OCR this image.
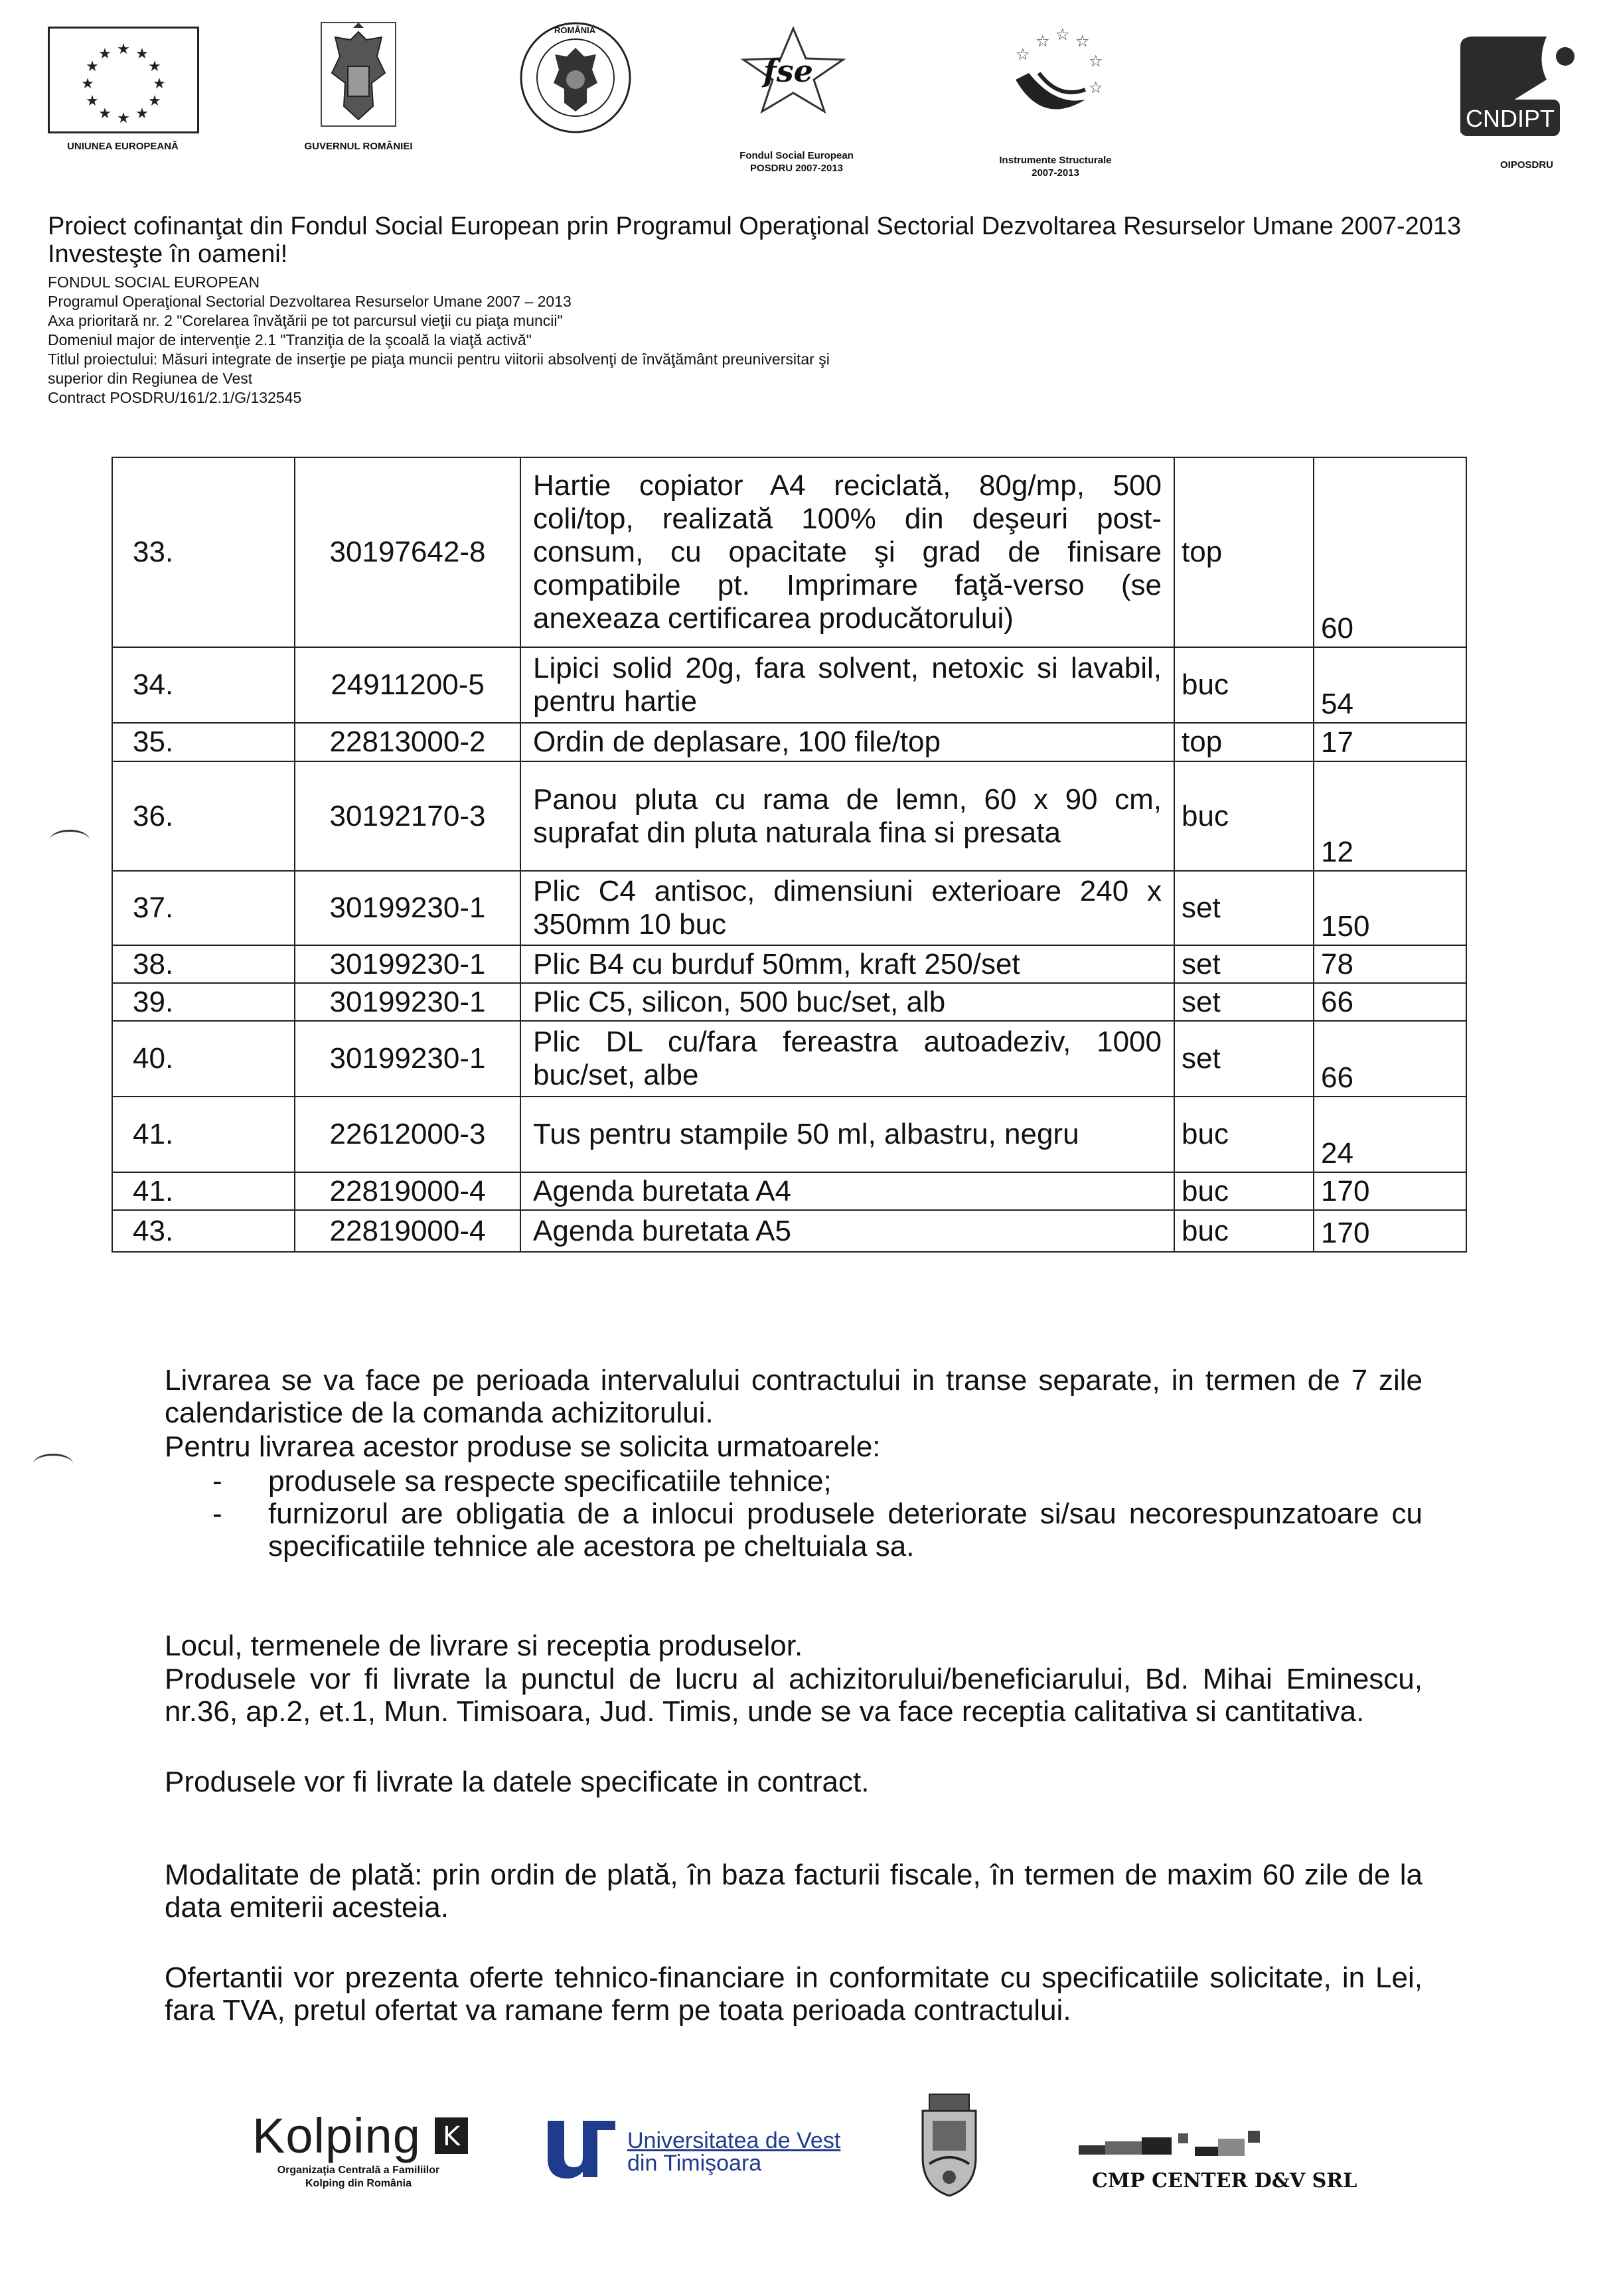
★ ★
★
★
★
★
★
★
★
★
★
★
UNIUNEA EUROPEANĂ	GUVERNUL ROMÂNIEI
ROMÂNIA
fse
Fondul Social European
POSDRU 2007-2013
☆ ☆ ☆
☆
☆
☆
Instrumente Structurale
2007-2013
CNDIPT
OIPOSDRU
Proiect cofinanţat din Fondul Social European prin Programul Operaţional Sectorial Dezvoltarea Resurselor Umane 2007-2013
Investeşte în oameni!
FONDUL SOCIAL EUROPEAN
Programul Operaţional Sectorial Dezvoltarea Resurselor Umane 2007 – 2013
Axa prioritară nr. 2 "Corelarea învăţării pe tot parcursul vieţii cu piaţa muncii"
Domeniul major de intervenţie 2.1 "Tranziţia de la şcoală la viaţă activă"
Titlul proiectului: Măsuri integrate de inserţie pe piaţa muncii pentru viitorii absolvenţi de învăţământ preuniversitar şi
superior din Regiunea de Vest
Contract POSDRU/161/2.1/G/132545
33.	30197642-8	Hartie copiator A4 reciclată, 80g/mp, 500 coli/top, realizată 100% din deşeuri post-consum, cu opacitate şi grad de finisare compatibile pt. Imprimare faţă-verso (se anexeaza certificarea producătorului)	top	60
34.	24911200-5	Lipici solid 20g, fara solvent, netoxic si lavabil, pentru hartie	buc	54
35.	22813000-2	Ordin de deplasare, 100 file/top	top	17
36.	30192170-3	Panou pluta cu rama de lemn, 60 x 90 cm, suprafat din pluta naturala fina si presata	buc	12
37.	30199230-1	Plic C4 antisoc, dimensiuni exterioare 240 x 350mm 10 buc	set	150
38.	30199230-1	Plic B4 cu burduf 50mm, kraft 250/set	set	78
39.	30199230-1	Plic C5, silicon, 500 buc/set, alb	set	66
40.	30199230-1	Plic DL cu/fara fereastra autoadeziv, 1000 buc/set, albe	set	66
41.	22612000-3	Tus pentru stampile 50 ml, albastru, negru	buc	24
41.	22819000-4	Agenda buretata A4	buc	170
43.	22819000-4	Agenda buretata A5	buc	170
Livrarea se va face pe perioada intervalului contractului in transe separate, in termen de 7 zile calendaristice de la comanda achizitorului.
Pentru livrarea acestor produse se solicita urmatoarele:
- produsele sa respecte specificatiile tehnice;
- furnizorul are obligatia de a inlocui produsele deteriorate si/sau necorespunzatoare cu specificatiile tehnice ale acestora pe cheltuiala sa.
Locul, termenele de livrare si receptia produselor.
Produsele vor fi livrate la punctul de lucru al achizitorului/beneficiarului, Bd. Mihai Eminescu, nr.36, ap.2, et.1, Mun. Timisoara, Jud. Timis, unde se va face receptia calitativa si cantitativa.
Produsele vor fi livrate la datele specificate in contract.
Modalitate de plată: prin ordin de plată, în baza facturii fiscale, în termen de maxim 60 zile de la data emiterii acesteia.
Ofertantii vor prezenta oferte tehnico-financiare in conformitate cu specificatiile solicitate, in Lei, fara TVA, pretul ofertat va ramane ferm pe toata perioada contractului.
Kolping K
Organizaţia Centrală a Familiilor
Kolping din România
Universitatea de Vest
din Timişoara
CMP CENTER D&V SRL
